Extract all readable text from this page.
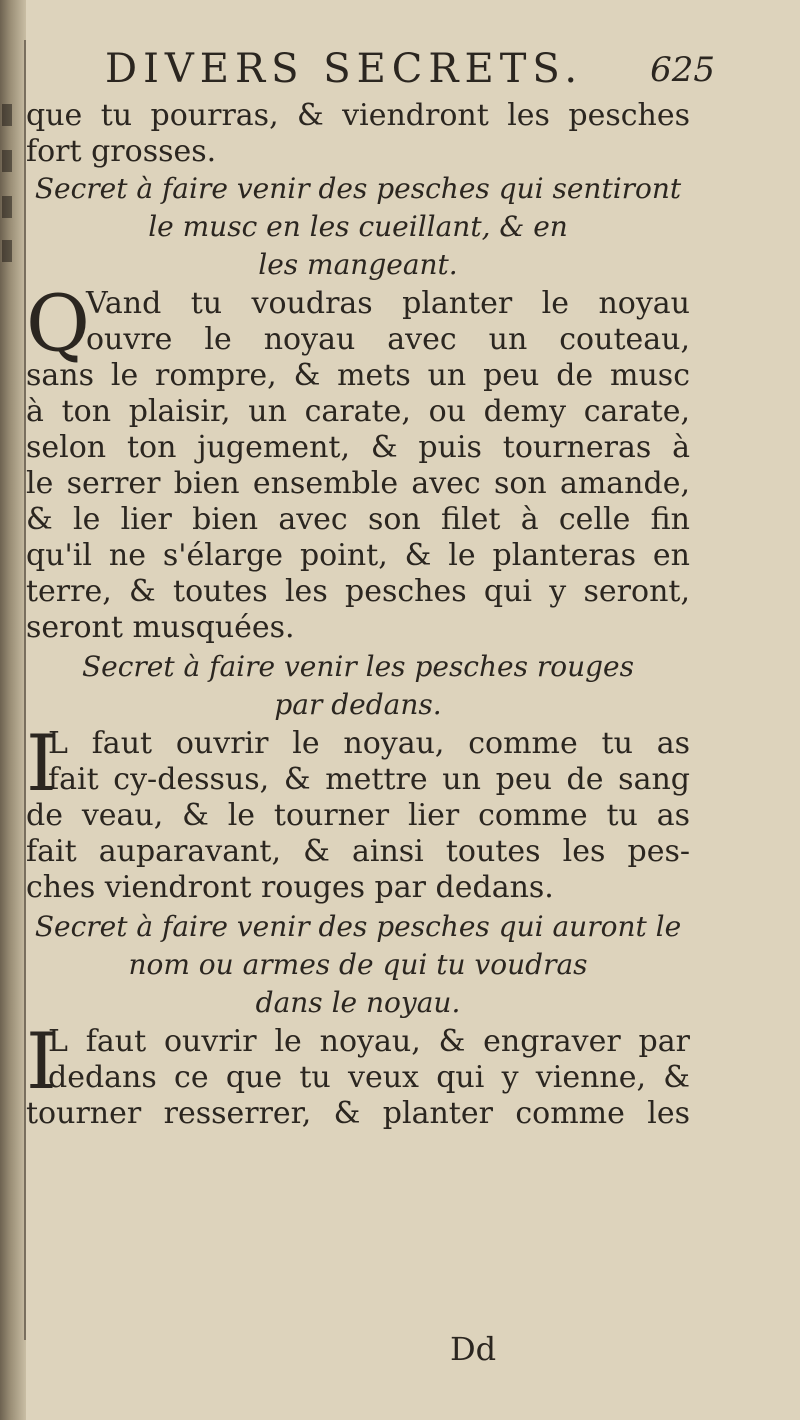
DIVERS SECRETS. 625
que tu pourras, & viendront les pesches
fort grosses.
Secret à faire venir des pesches qui sentiront
le musc en les cueillant, & en
les mangeant.
Q
Vand tu voudras planter le noyau
ouvre le noyau avec un couteau,
sans le rompre, & mets un peu de musc
à ton plaisir, un carate, ou demy carate,
selon ton jugement, & puis tourneras à
le serrer bien ensemble avec son amande,
& le lier bien avec son filet à celle fin
qu'il ne s'élarge point, & le planteras en
terre, & toutes les pesches qui y seront,
seront musquées.
Secret à faire venir les pesches rouges
par dedans.
I
L faut ouvrir le noyau, comme tu as
fait cy-dessus, & mettre un peu de sang
de veau, & le tourner lier comme tu as
fait auparavant, & ainsi toutes les pes-
ches viendront rouges par dedans.
Secret à faire venir des pesches qui auront le
nom ou armes de qui tu voudras
dans le noyau.
I
L faut ouvrir le noyau, & engraver par
dedans ce que tu veux qui y vienne, &
tourner resserrer, & planter comme les
Dd
